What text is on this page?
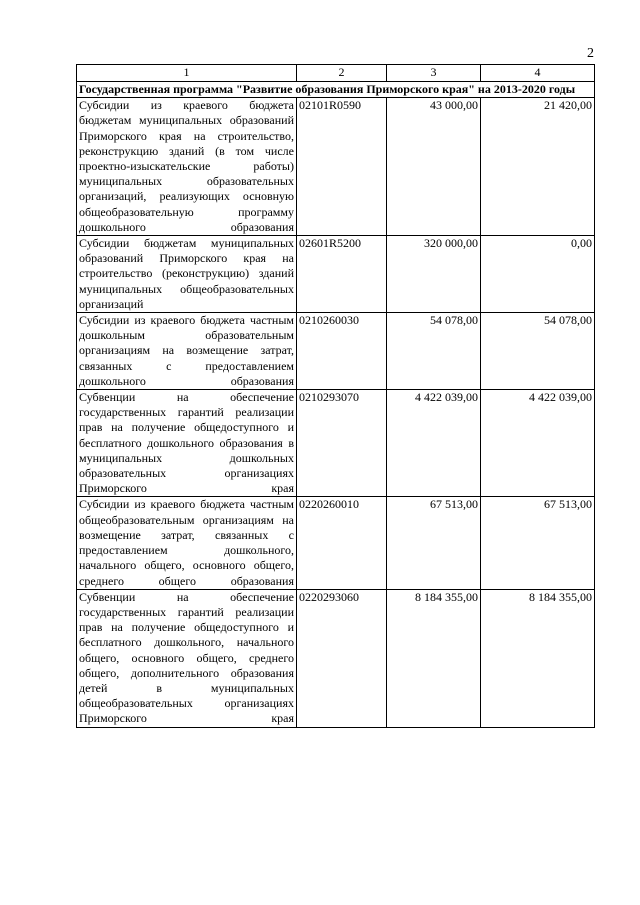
2
1	2	3	4
Государственная программа "Развитие образования Приморского края" на 2013-2020 годы			
Субсидии из краевого бюджета бюджетам муниципальных образований Приморского края на строительство, реконструкцию зданий (в том числе проектно-изыскательские работы) муниципальных образовательных организаций, реализующих основную общеобразовательную программу дошкольного образования	02101R0590	43 000,00	21 420,00
Субсидии бюджетам муниципальных образований Приморского края на строительство (реконструкцию) зданий муниципальных общеобразовательных организаций	02601R5200	320 000,00	0,00
Субсидии из краевого бюджета частным дошкольным образовательным организациям на возмещение затрат, связанных с предоставлением дошкольного образования	0210260030	54 078,00	54 078,00
Субвенции на обеспечение государственных гарантий реализации прав на получение общедоступного и бесплатного дошкольного образования в муниципальных дошкольных образовательных организациях Приморского края	0210293070	4 422 039,00	4 422 039,00
Субсидии из краевого бюджета частным общеобразовательным организациям на возмещение затрат, связанных с предоставлением дошкольного, начального общего, основного общего, среднего общего образования	0220260010	67 513,00	67 513,00
Субвенции на обеспечение государственных гарантий реализации прав на получение общедоступного и бесплатного дошкольного, начального общего, основного общего, среднего общего, дополнительного образования детей в муниципальных общеобразовательных организациях Приморского края	0220293060	8 184 355,00	8 184 355,00
